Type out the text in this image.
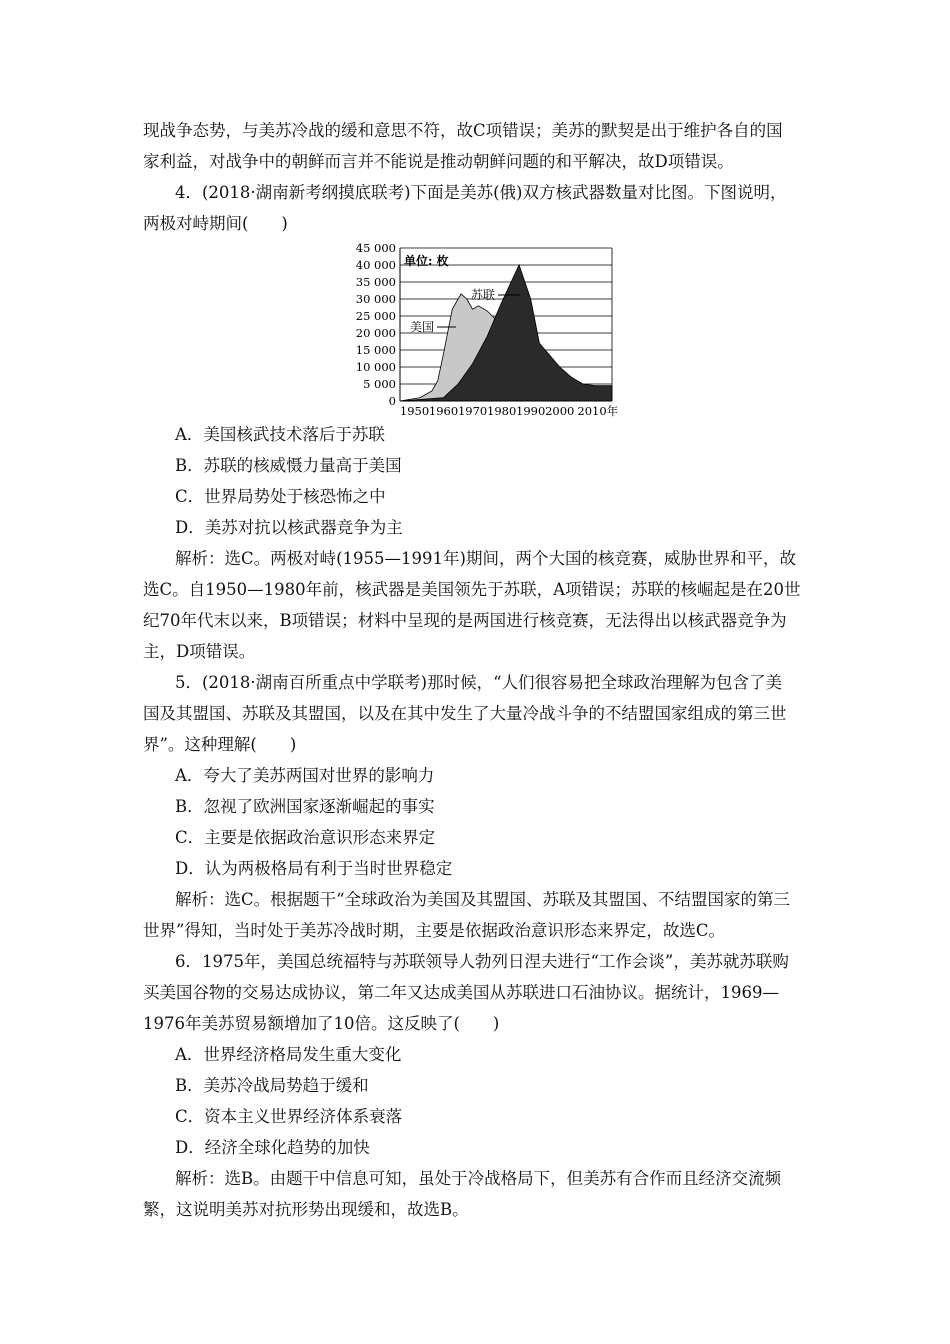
现战争态势，与美苏冷战的缓和意思不符，故C项错误；美苏的默契是出于维护各自的国
家利益，对战争中的朝鲜而言并不能说是推动朝鲜问题的和平解决，故D项错误。
4．(2018·湖南新考纲摸底联考)下面是美苏(俄)双方核武器数量对比图。下图说明，
两极对峙期间(　　)
45 000
40 000
35 000
30 000
25 000
20 000
15 000
10 000
5 000
0
1950 1960 1970 1980 1990 2000 2010年
单位: 枚
苏联
美国
A．美国核武技术落后于苏联
B．苏联的核威慑力量高于美国
C．世界局势处于核恐怖之中
D．美苏对抗以核武器竞争为主
解析：选C。两极对峙(1955—1991年)期间，两个大国的核竞赛，威胁世界和平，故
选C。自1950—1980年前，核武器是美国领先于苏联，A项错误；苏联的核崛起是在20世
纪70年代末以来，B项错误；材料中呈现的是两国进行核竞赛，无法得出以核武器竞争为
主，D项错误。
5．(2018·湖南百所重点中学联考)那时候，“人们很容易把全球政治理解为包含了美
国及其盟国、苏联及其盟国，以及在其中发生了大量冷战斗争的不结盟国家组成的第三世
界”。这种理解(　　)
A．夸大了美苏两国对世界的影响力
B．忽视了欧洲国家逐渐崛起的事实
C．主要是依据政治意识形态来界定
D．认为两极格局有利于当时世界稳定
解析：选C。根据题干“全球政治为美国及其盟国、苏联及其盟国、不结盟国家的第三
世界”得知，当时处于美苏冷战时期，主要是依据政治意识形态来界定，故选C。
6．1975年，美国总统福特与苏联领导人勃列日涅夫进行“工作会谈”，美苏就苏联购
买美国谷物的交易达成协议，第二年又达成美国从苏联进口石油协议。据统计，1969—
1976年美苏贸易额增加了10倍。这反映了(　　)
A．世界经济格局发生重大变化
B．美苏冷战局势趋于缓和
C．资本主义世界经济体系衰落
D．经济全球化趋势的加快
解析：选B。由题干中信息可知，虽处于冷战格局下，但美苏有合作而且经济交流频
繁，这说明美苏对抗形势出现缓和，故选B。
